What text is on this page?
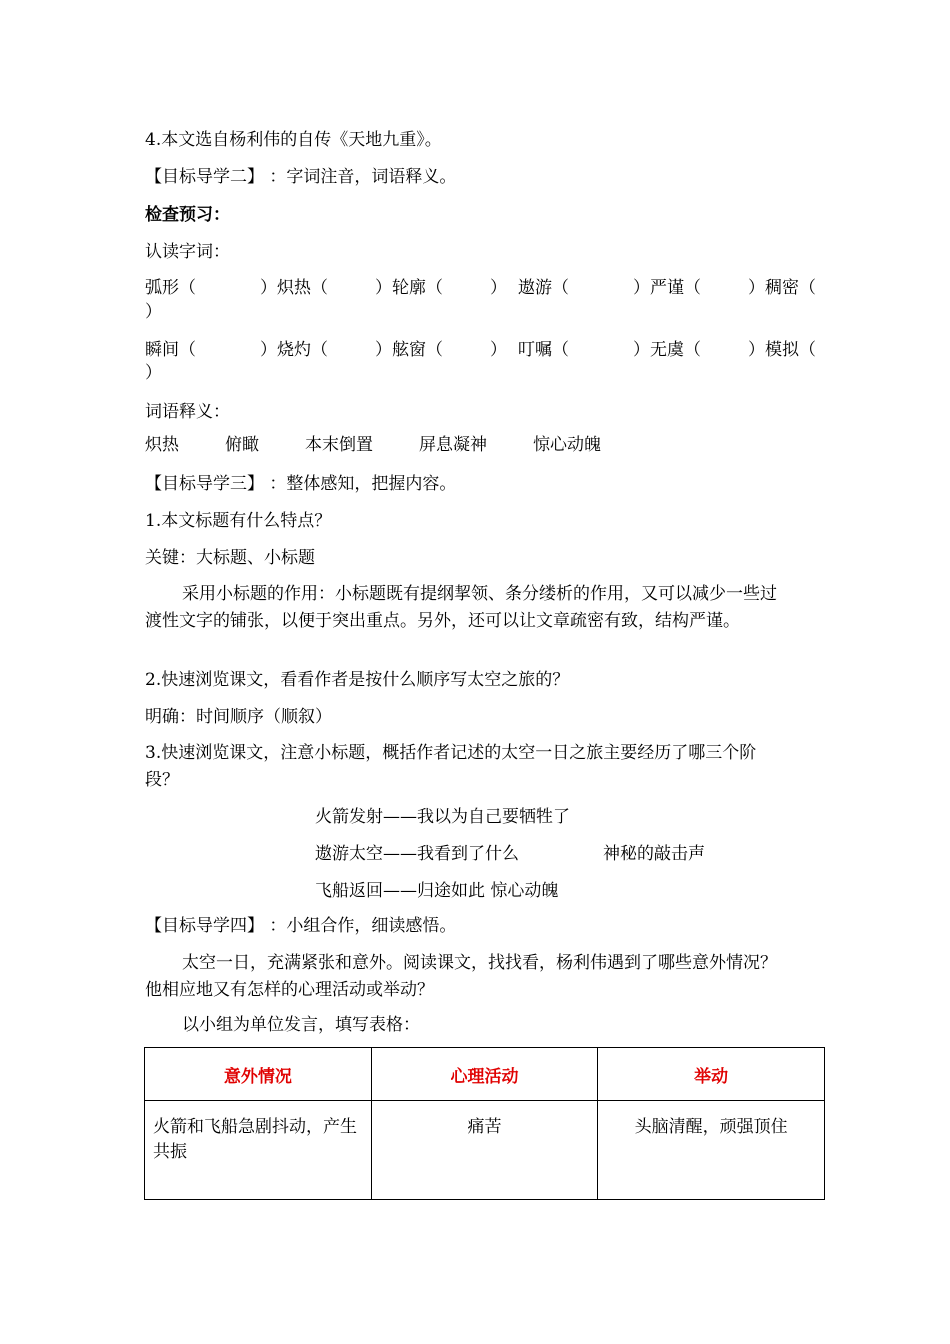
4.本文选自杨利伟的自传《天地九重》。
【目标导学二】 ：字词注音，词语释义。
检查预习：
认读字词：
弧形（	）炽热（	）轮廓（	） 遨游（	）严谨（	）稠密（
）
瞬间（	）烧灼（	）舷窗（	） 叮嘱（	）无虞（	）模拟（
）
词语释义：
炽热	俯瞰	本末倒置	屏息凝神	惊心动魄
【目标导学三】 ：整体感知，把握内容。
1.本文标题有什么特点？
关键：大标题、小标题
采用小标题的作用：小标题既有提纲挈领、条分缕析的作用，又可以减少一些过渡性文字的铺张，以便于突出重点。另外，还可以让文章疏密有致，结构严谨。
2.快速浏览课文，看看作者是按什么顺序写太空之旅的？
明确：时间顺序（顺叙）
3.快速浏览课文，注意小标题，概括作者记述的太空一日之旅主要经历了哪三个阶段？
火箭发射——我以为自己要牺牲了
遨游太空——我看到了什么	神秘的敲击声
飞船返回——归途如此 惊心动魄
【目标导学四】 ：小组合作，细读感悟。
太空一日，充满紧张和意外。阅读课文，找找看，杨利伟遇到了哪些意外情况？他相应地又有怎样的心理活动或举动？
以小组为单位发言，填写表格：
意外情况	心理活动	举动
火箭和飞船急剧抖动，产生共振	痛苦	头脑清醒，顽强顶住
